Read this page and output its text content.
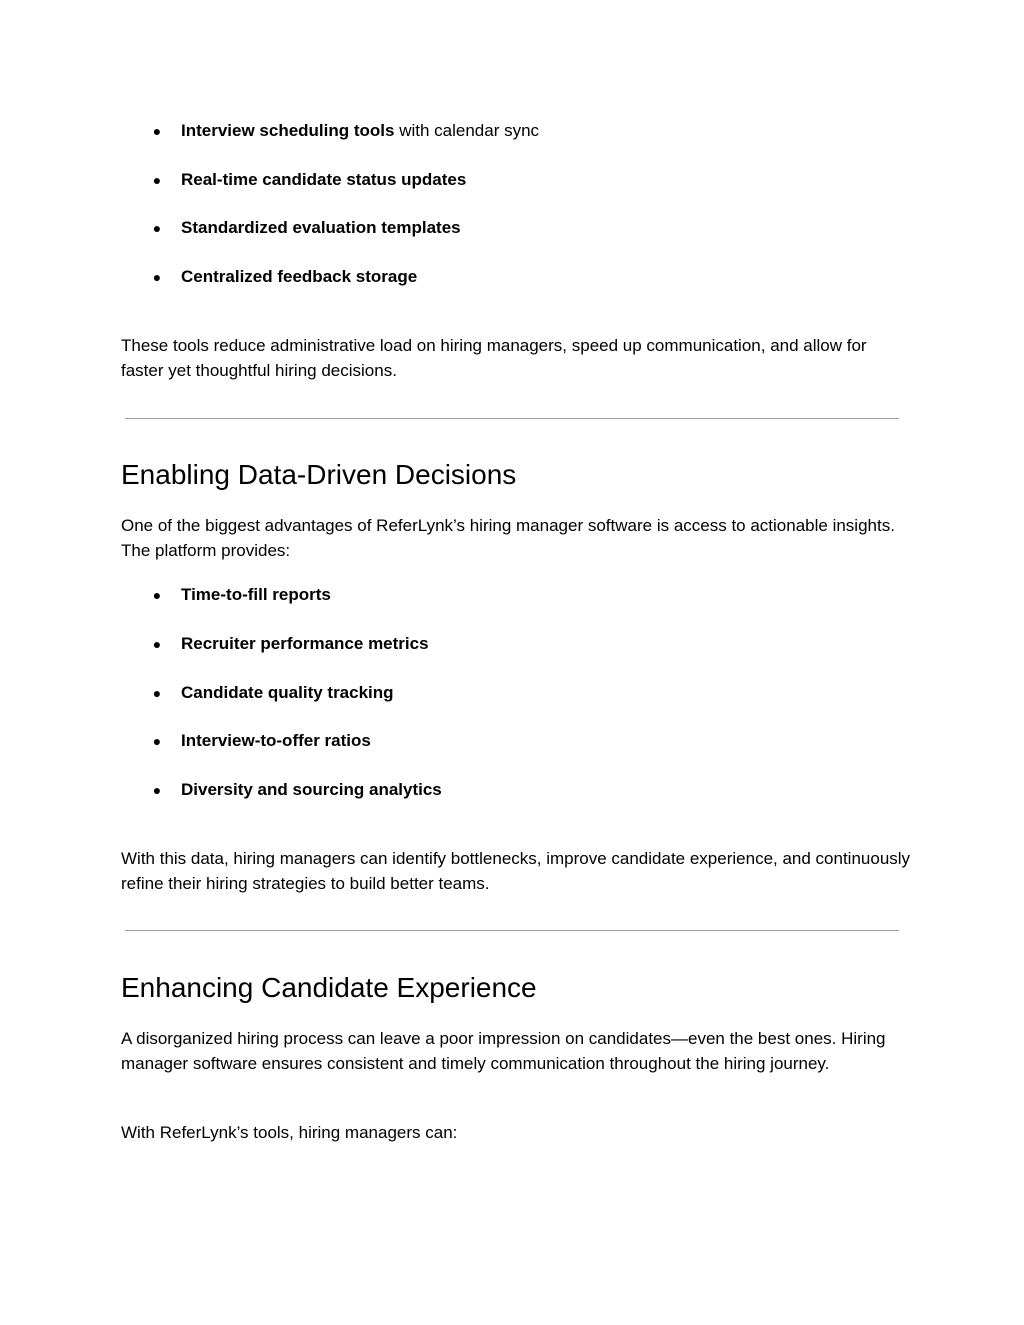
● Interview scheduling tools with calendar sync
● Real-time candidate status updates
● Standardized evaluation templates
● Centralized feedback storage

These tools reduce administrative load on hiring managers, speed up communication, and allow for faster yet thoughtful hiring decisions.

Enabling Data-Driven Decisions

One of the biggest advantages of ReferLynk’s hiring manager software is access to actionable insights. The platform provides:

● Time-to-fill reports
● Recruiter performance metrics
● Candidate quality tracking
● Interview-to-offer ratios
● Diversity and sourcing analytics

With this data, hiring managers can identify bottlenecks, improve candidate experience, and continuously refine their hiring strategies to build better teams.

Enhancing Candidate Experience

A disorganized hiring process can leave a poor impression on candidates—even the best ones. Hiring manager software ensures consistent and timely communication throughout the hiring journey.

With ReferLynk’s tools, hiring managers can:
